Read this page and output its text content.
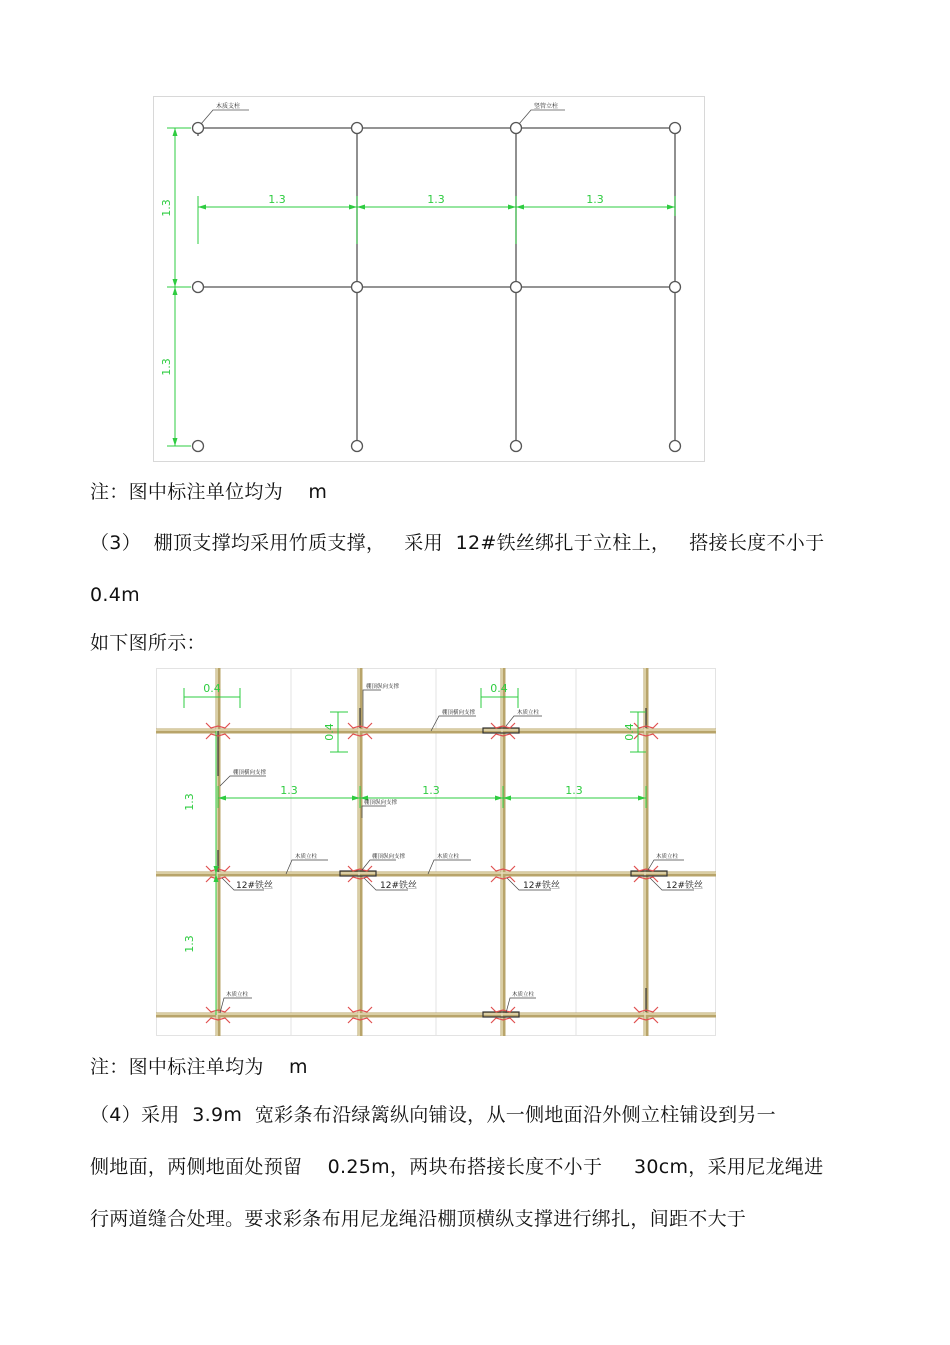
1.3	1.3	1.3
1.3
1.3
木质支柱	竖管立柱

注：图中标注单位均为    m

（3）  棚顶支撑均采用竹质支撑，   采用  12#铁丝绑扎于立柱上，   搭接长度不小于

0.4m

如下图所示：

0.4	0.4
0.4	0.4
1.3	1.3	1.3
1.3
1.3
棚顶纵向支撑
棚顶横向支撑	木质立柱
棚顶横向支撑
棚顶纵向支撑
木质立柱	棚顶纵向支撑	木质立柱	木质立柱
木质立柱	木质立柱
12#铁丝	12#铁丝	12#铁丝	12#铁丝

注：图中标注单均为    m

（4）采用  3.9m  宽彩条布沿绿篱纵向铺设，从一侧地面沿外侧立柱铺设到另一

侧地面，两侧地面处预留    0.25m，两块布搭接长度不小于     30cm，采用尼龙绳进

行两道缝合处理。要求彩条布用尼龙绳沿棚顶横纵支撑进行绑扎，间距不大于
